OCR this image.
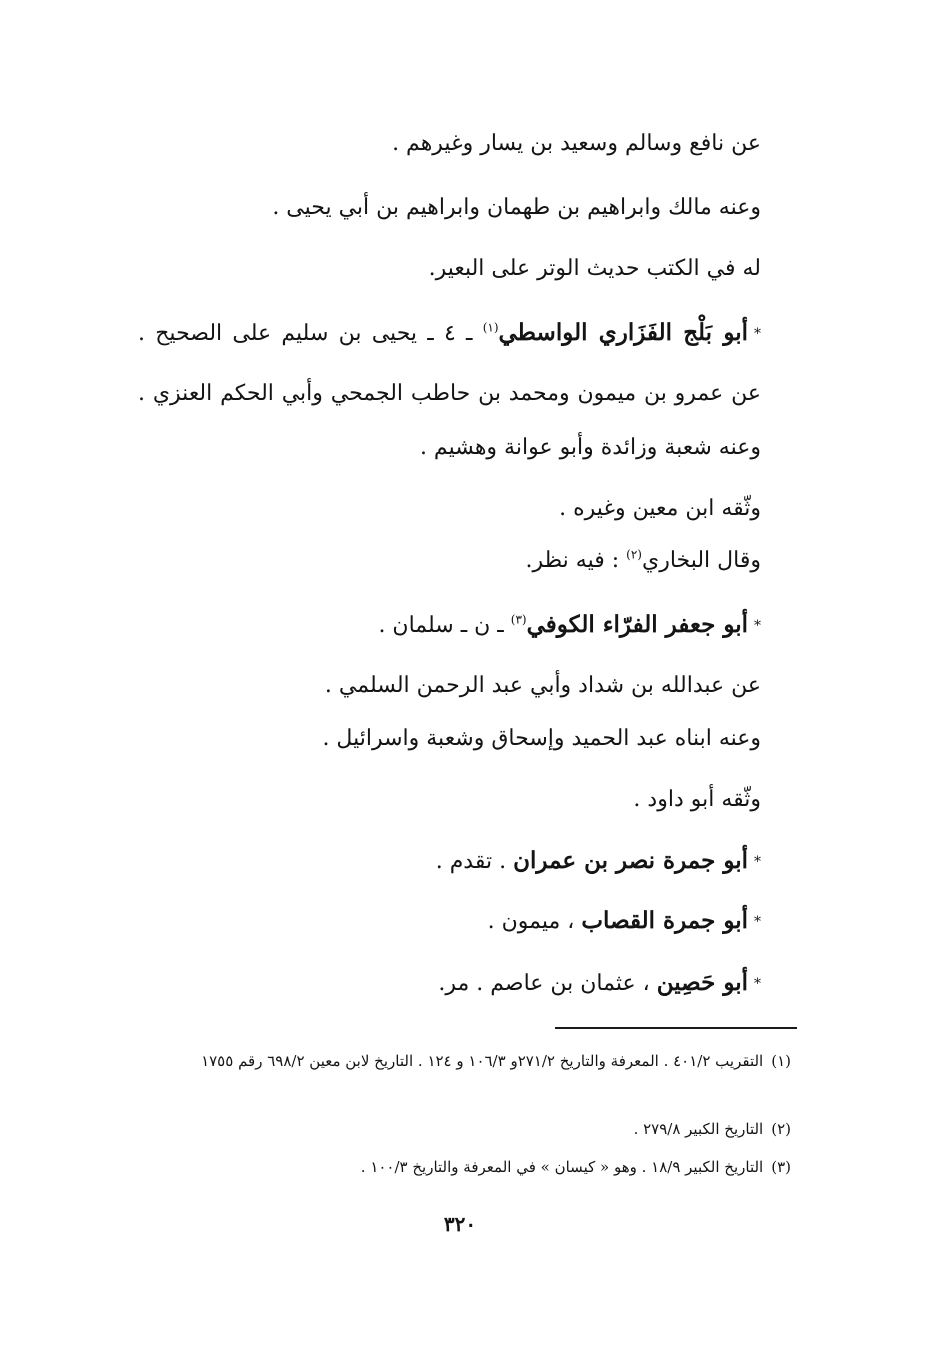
عن نافع وسالم وسعيد بن يسار وغيرهم .
وعنه مالك وابراهيم بن طهمان وابراهيم بن أبي يحيى .
له في الكتب حديث الوتر على البعير.
*أبو بَلْج الفَزَاري الواسطي$^{(١)}$ ـ ٤ ـ يحيى بن سليم على الصحيح .
عن عمرو بن ميمون ومحمد بن حاطب الجمحي وأبي الحكم العنزي .
وعنه شعبة وزائدة وأبو عوانة وهشيم .
وثّقه ابن معين وغيره .
وقال البخاري$^{(٢)}$ : فيه نظر.
*أبو جعفر الفرّاء الكوفي$^{(٣)}$ ـ ن ـ سلمان .
عن عبدالله بن شداد وأبي عبد الرحمن السلمي .
وعنه ابناه عبد الحميد وإسحاق وشعبة واسرائيل .
وثّقه أبو داود .
*أبو جمرة نصر بن عمران . تقدم .
*أبو جمرة القصاب ، ميمون .
*أبو حَصِين ، عثمان بن عاصم . مر.
(١)التقريب ٤٠١/٢ . المعرفة والتاريخ ٢٧١/٢و ١٠٦/٣ و ١٢٤ . التاريخ لابن معين ٦٩٨/٢ رقم ١٧٥٥
(٢)التاريخ الكبير ٢٧٩/٨ .
(٣)التاريخ الكبير ١٨/٩ . وهو « كيسان » في المعرفة والتاريخ ١٠٠/٣ .
٣٢٠
